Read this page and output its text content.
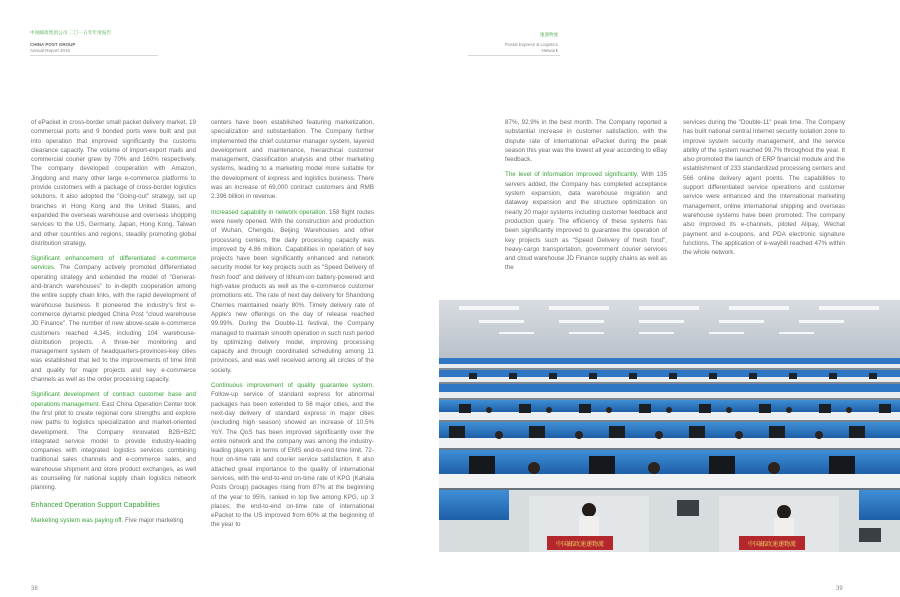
中国邮政集团公司 二〇一五年年度报告
CHINA POST GROUP
Annual Report 2015
速递物流
Postal Express & Logistics
Network

of ePacket in cross-border small packet delivery market, 19 commercial ports and 9 bonded ports were built and put into operation that improved significantly the customs clearance capacity. The volume of import-export mails and commercial courier grew by 70% and 160% respectively. The company developed cooperation with Amazon, Jingdong and many other large e-commerce platforms to provide customers with a package of cross-border logistics solutions. It also adopted the "Going-out" strategy, set up branches in Hong Kong and the United States, and expanded the overseas warehouse and overseas shopping services to the US, Germany, Japan, Hong Kong, Taiwan and other countries and regions, steadily promoting global distribution strategy.

Significant enhancement of differentiated e-commerce services. The Company actively promoted differentiated operating strategy and extended the model of "General-and-branch warehouses" to in-depth cooperation among the entire supply chain links, with the rapid development of warehouse business. It pioneered the industry's first e-commerce dynamic pledged China Post "cloud warehouse JD Finance". The number of new above-scale e-commerce customers reached 4,345, including 104 warehouse-distribution projects. A three-tier monitoring and management system of headquarters-provinces-key cities was established that led to the improvements of time limit and quality for major projects and key e-commerce channels as well as the order processing capacity.

Significant development of contract customer base and operations management. East China Operation Center took the first pilot to create regional core strengths and explore new paths to logistics specialization and market-oriented development. The Company innovated B2B+B2C integrated service model to provide industry-leading companies with integrated logistics services combining traditional sales channels and e-commerce sales, and warehouse shipment and store product exchanges, as well as counseling for national supply chain logistics network planning.

Enhanced Operation Support Capabilities

Marketing system was paying off. Five major marketing

centers have been established featuring marketization, specialization and substantiation. The Company further implemented the chief customer manager system, layered development and maintenance, hierarchical customer management, classification analysis and other marketing systems, leading to a marketing model more suitable for the development of express and logistics business. There was an increase of 69,000 contract customers and RMB 2.396 billion in revenue.

Increased capability in network operation. 158 flight routes were newly opened. With the construction and production of Wuhan, Chengdu, Beijing Warehouses and other processing centers, the daily processing capacity was improved by 4.86 million. Capabilities in operation of key projects have been significantly enhanced and network security model for key projects such as "Speed Delivery of fresh food" and delivery of lithium-ion battery-powered and high-value products as well as the e-commerce customer promotions etc. The rate of next day delivery for Shandong Cherries maintained nearly 80%. Timely delivery rate of Apple's new offerings on the day of release reached 99.99%. During the Double-11 festival, the Company managed to maintain smooth operation in such rush period by optimizing delivery model, improving processing capacity and through coordinated scheduling among 11 provinces, and was well received among all circles of the society.

Continuous improvement of quality guarantee system. Follow-up service of standard express for abnormal packages has been extended to 56 major cities, and the next-day delivery of standard express in major cities (excluding high season) showed an increase of 10.5% YoY. The QoS has been improved significantly over the entire network and the company was among the industry-leading players in terms of EMS end-to-end time limit, 72-hour on-time rate and courier service satisfaction. It also attached great importance to the quality of international services, with the end-to-end on-time rate of KPG (Kahala Posts Group) packages rising from 87% at the beginning of the year to 95%, ranked in top five among KPG, up 3 places; the end-to-end on-time rate of international ePacket to the US improved from 60% at the beginning of the year to

87%, 92.9% in the best month. The Company reported a substantial increase in customer satisfaction, with the dispute rate of international ePacket during the peak season this year was the lowest all year according to eBay feedback.

The level of information improved significantly. With 135 servers added, the Company has completed acceptance system expansion, data warehouse migration and dataway expansion and the structure optimization on nearly 20 major systems including customer feedback and production query. The efficiency of these systems has been significantly improved to guarantee the operation of key projects such as "Speed Delivery of fresh food", heavy-cargo transportation, government courier services and cloud warehouse JD Finance supply chains as well as the

services during the "Double-11" peak time. The Company has built national central Internet security isolation zone to improve system security management, and the service ability of the system reached 99.7% throughout the year. It also promoted the launch of ERP financial module and the establishment of 233 standardized processing centers and 566 online delivery agent points. The capabilities to support differentiated service operations and customer service were enhanced and the international marketing management, online international shipping and overseas warehouse systems have been promoted. The company also improved its e-channels, piloted Alipay, Wechat payment and e-coupons, and PDA electronic signature functions. The application of e-waybill reached 47% within the whole network.

中国邮政速递物流	中国邮政速递物流
38	39
